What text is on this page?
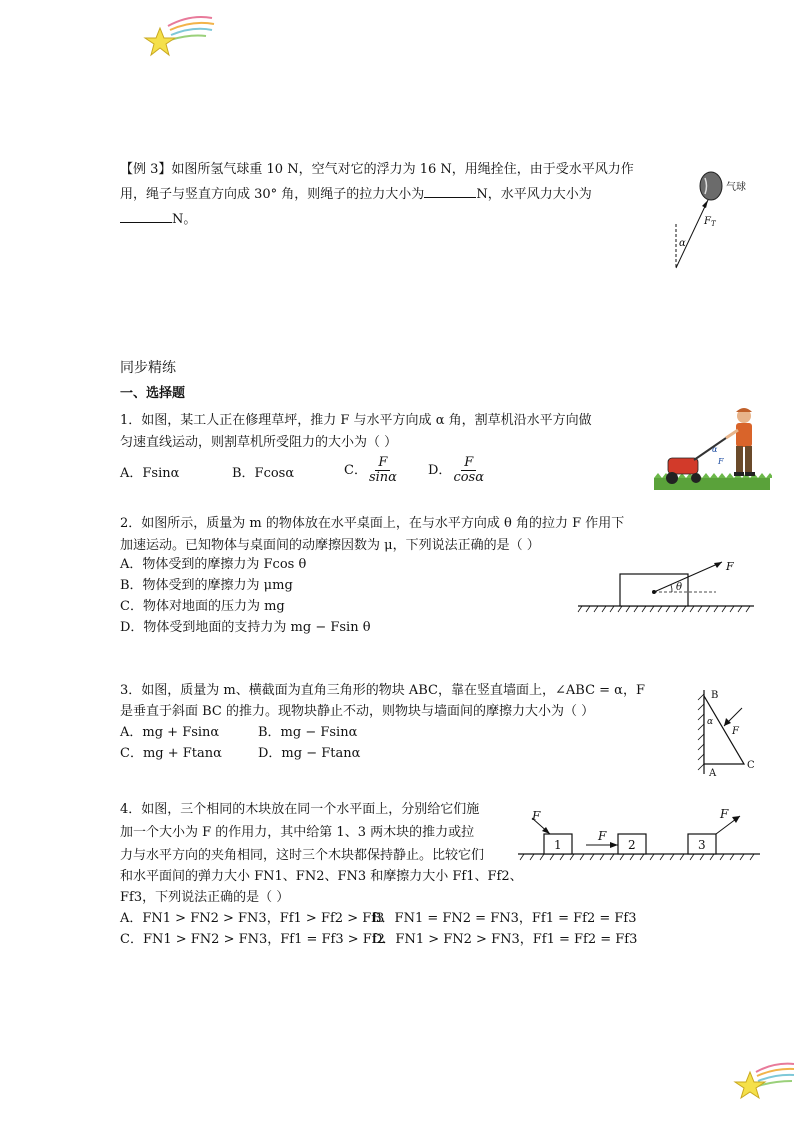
【例 3】如图所氢气球重 10 N，空气对它的浮力为 16 N，用绳拴住，由于受水平风力作
用，绳子与竖直方向成 30° 角，则绳子的拉力大小为	N，水平风力大小为
N。
气球
$F_T$
α
同步精练
一、选择题
1．如图，某工人正在修理草坪，推力 F 与水平方向成 α 角，割草机沿水平方向做
匀速直线运动，则割草机所受阻力的大小为（ ）
A．Fsinα	B．Fcosα	C． $\frac{F}{\sin\alpha}$ D． $\frac{F}{\cos\alpha}$
α
F
2．如图所示，质量为 m 的物体放在水平桌面上，在与水平方向成 θ 角的拉力 F 作用下
加速运动。已知物体与桌面间的动摩擦因数为 μ，下列说法正确的是（ ）
A．物体受到的摩擦力为 Fcos θ
B．物体受到的摩擦力为 μmg
C．物体对地面的压力为 mg
D．物体受到地面的支持力为 mg − Fsin θ
θ
F
3．如图，质量为 m、横截面为直角三角形的物块 ABC，靠在竖直墙面上，∠ABC = α，F
是垂直于斜面 BC 的推力。现物块静止不动，则物块与墙面间的摩擦力大小为（ ）
A．mg + Fsinα	B．mg − Fsinα
C．mg + Ftanα	D．mg − Ftanα
B
A
C
α
F
4．如图，三个相同的木块放在同一个水平面上，分别给它们施
加一个大小为 F 的作用力，其中给第 1、3 两木块的推力或拉
力与水平方向的夹角相同，这时三个木块都保持静止。比较它们
和水平面间的弹力大小 FN1、FN2、FN3 和摩擦力大小 Ff1、Ff2、
Ff3，下列说法正确的是（ ）
A．FN1 > FN2 > FN3，Ff1 > Ff2 > Ff3
B．FN1 = FN2 = FN3，Ff1 = Ff2 = Ff3
C．FN1 > FN2 > FN3，Ff1 = Ff3 > Ff2
D．FN1 > FN2 > FN3，Ff1 = Ff2 = Ff3
1
F
2
F
3
F
